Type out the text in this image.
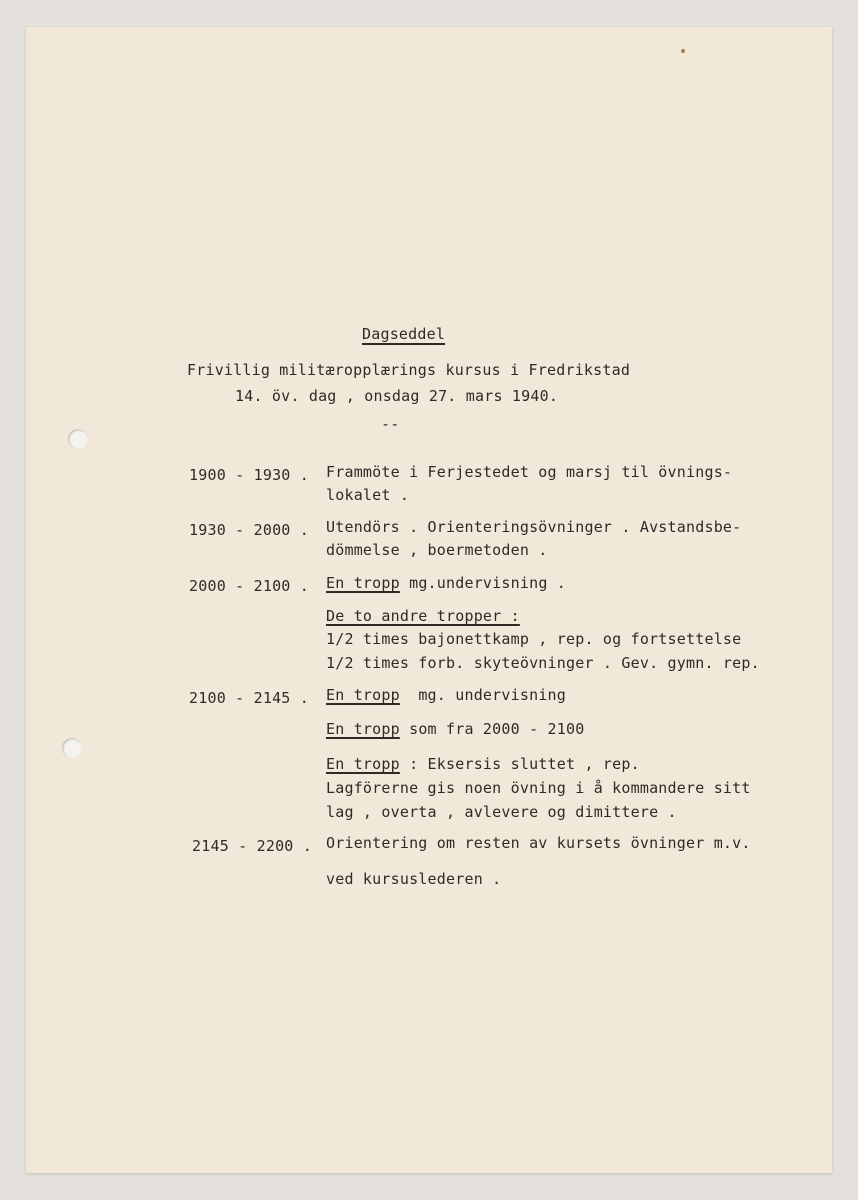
Dagseddel
Frivillig militæropplærings kursus i Fredrikstad
14. öv. dag , onsdag 27. mars 1940.
--
1900 - 1930 . Frammöte i Ferjestedet og marsj til övnings-
lokalet .
1930 - 2000 . Utendörs . Orienteringsövninger . Avstandsbe-
dömmelse , boermetoden .
2000 - 2100 . En tropp mg.undervisning .
De to andre tropper :
1/2 times bajonettkamp , rep. og fortsettelse
1/2 times forb. skyteövninger . Gev. gymn. rep.
2100 - 2145 . En tropp  mg. undervisning
En tropp som fra 2000 - 2100
En tropp : Eksersis sluttet , rep.
Lagförerne gis noen övning i å kommandere sitt
lag , overta , avlevere og dimittere .
2145 - 2200 . Orientering om resten av kursets övninger m.v.
ved kursuslederen .
